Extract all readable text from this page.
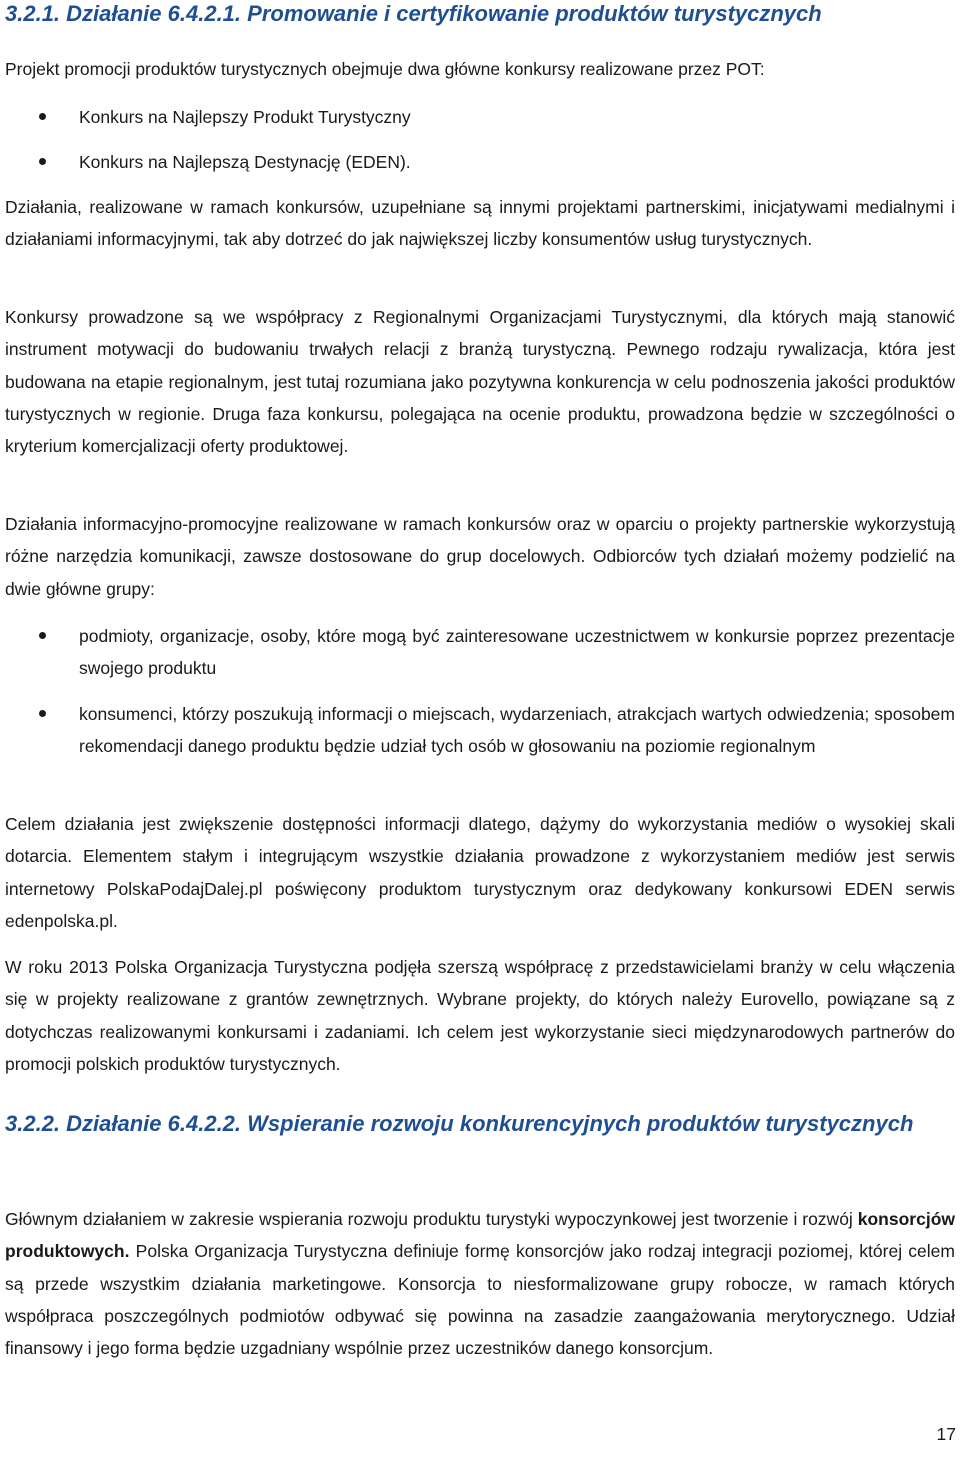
3.2.1. Działanie 6.4.2.1. Promowanie i certyfikowanie produktów turystycznych

Projekt promocji produktów turystycznych obejmuje dwa główne konkursy realizowane przez POT:

Konkurs na Najlepszy Produkt Turystyczny

Konkurs na Najlepszą Destynację (EDEN).

Działania, realizowane w ramach konkursów, uzupełniane są innymi projektami partnerskimi, inicjatywami medialnymi i działaniami informacyjnymi, tak aby dotrzeć do jak największej liczby konsumentów usług turystycznych.

Konkursy prowadzone są we współpracy z Regionalnymi Organizacjami Turystycznymi, dla których mają stanowić instrument motywacji do budowaniu trwałych relacji z branżą turystyczną. Pewnego rodzaju rywalizacja, która jest budowana na etapie regionalnym, jest tutaj rozumiana jako pozytywna konkurencja w celu podnoszenia jakości produktów turystycznych w regionie. Druga faza konkursu, polegająca na ocenie produktu, prowadzona będzie w szczególności o kryterium komercjalizacji oferty produktowej.

Działania informacyjno-promocyjne realizowane w ramach konkursów oraz w oparciu o projekty partnerskie wykorzystują różne narzędzia komunikacji, zawsze dostosowane do grup docelowych. Odbiorców tych działań możemy podzielić na dwie główne grupy:

podmioty, organizacje, osoby, które mogą być zainteresowane uczestnictwem w konkursie poprzez prezentacje swojego produktu

konsumenci, którzy poszukują informacji o miejscach, wydarzeniach, atrakcjach wartych odwiedzenia; sposobem rekomendacji danego produktu będzie udział tych osób w głosowaniu na poziomie regionalnym

Celem działania jest zwiększenie dostępności informacji dlatego, dążymy do wykorzystania mediów o wysokiej skali dotarcia. Elementem stałym i integrującym wszystkie działania prowadzone z wykorzystaniem mediów jest serwis internetowy PolskaPodajDalej.pl poświęcony produktom turystycznym oraz dedykowany konkursowi EDEN serwis edenpolska.pl.

W roku 2013 Polska Organizacja Turystyczna podjęła szerszą współpracę z przedstawicielami branży w celu włączenia się w projekty realizowane z grantów zewnętrznych. Wybrane projekty, do których należy Eurovello, powiązane są z dotychczas realizowanymi konkursami i zadaniami. Ich celem jest wykorzystanie sieci międzynarodowych partnerów do promocji polskich produktów turystycznych.

3.2.2. Działanie 6.4.2.2. Wspieranie rozwoju konkurencyjnych produktów turystycznych

Głównym działaniem w zakresie wspierania rozwoju produktu turystyki wypoczynkowej jest tworzenie i rozwój konsorcjów produktowych. Polska Organizacja Turystyczna definiuje formę konsorcjów jako rodzaj integracji poziomej, której celem są przede wszystkim działania marketingowe. Konsorcja to niesformalizowane grupy robocze, w ramach których współpraca poszczególnych podmiotów odbywać się powinna na zasadzie zaangażowania merytorycznego. Udział finansowy i jego forma będzie uzgadniany wspólnie przez uczestników danego konsorcjum.

17
